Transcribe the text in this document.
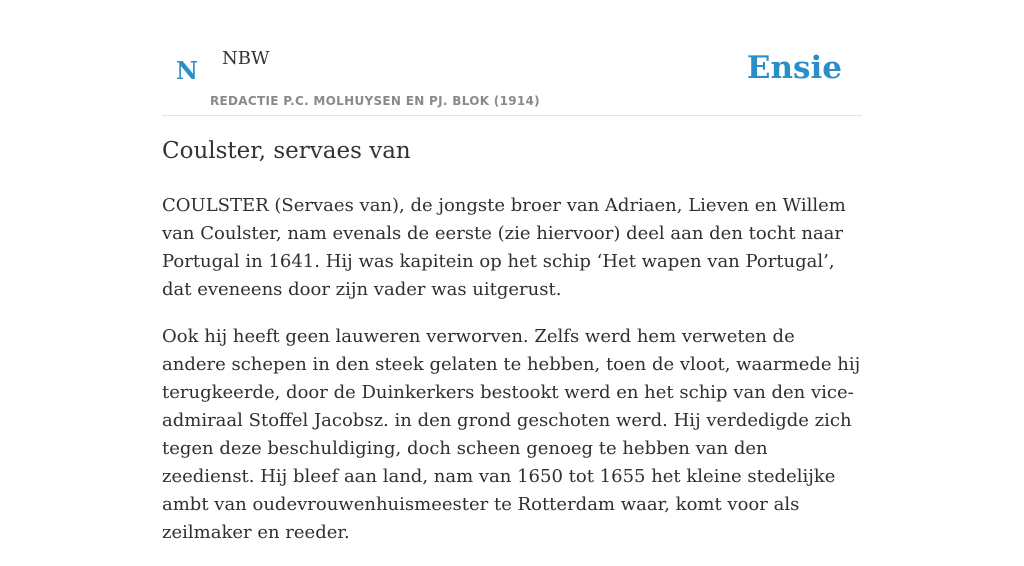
N NBW
REDACTIE P.C. MOLHUYSEN EN PJ. BLOK (1914)
Ensie
Coulster, servaes van

COULSTER (Servaes van), de jongste broer van Adriaen, Lieven en Willem van Coulster, nam evenals de eerste (zie hiervoor) deel aan den tocht naar Portugal in 1641. Hij was kapitein op het schip ‘Het wapen van Portugal’, dat eveneens door zijn vader was uitgerust.

Ook hij heeft geen lauweren verworven. Zelfs werd hem verweten de andere schepen in den steek gelaten te hebben, toen de vloot, waarmede hij terugkeerde, door de Duinkerkers bestookt werd en het schip van den vice-admiraal Stoffel Jacobsz. in den grond geschoten werd. Hij verdedigde zich tegen deze beschuldiging, doch scheen genoeg te hebben van den zeedienst. Hij bleef aan land, nam van 1650 tot 1655 het kleine stedelijke ambt van oudevrouwenhuismeester te Rotterdam waar, komt voor als zeilmaker en reeder.
